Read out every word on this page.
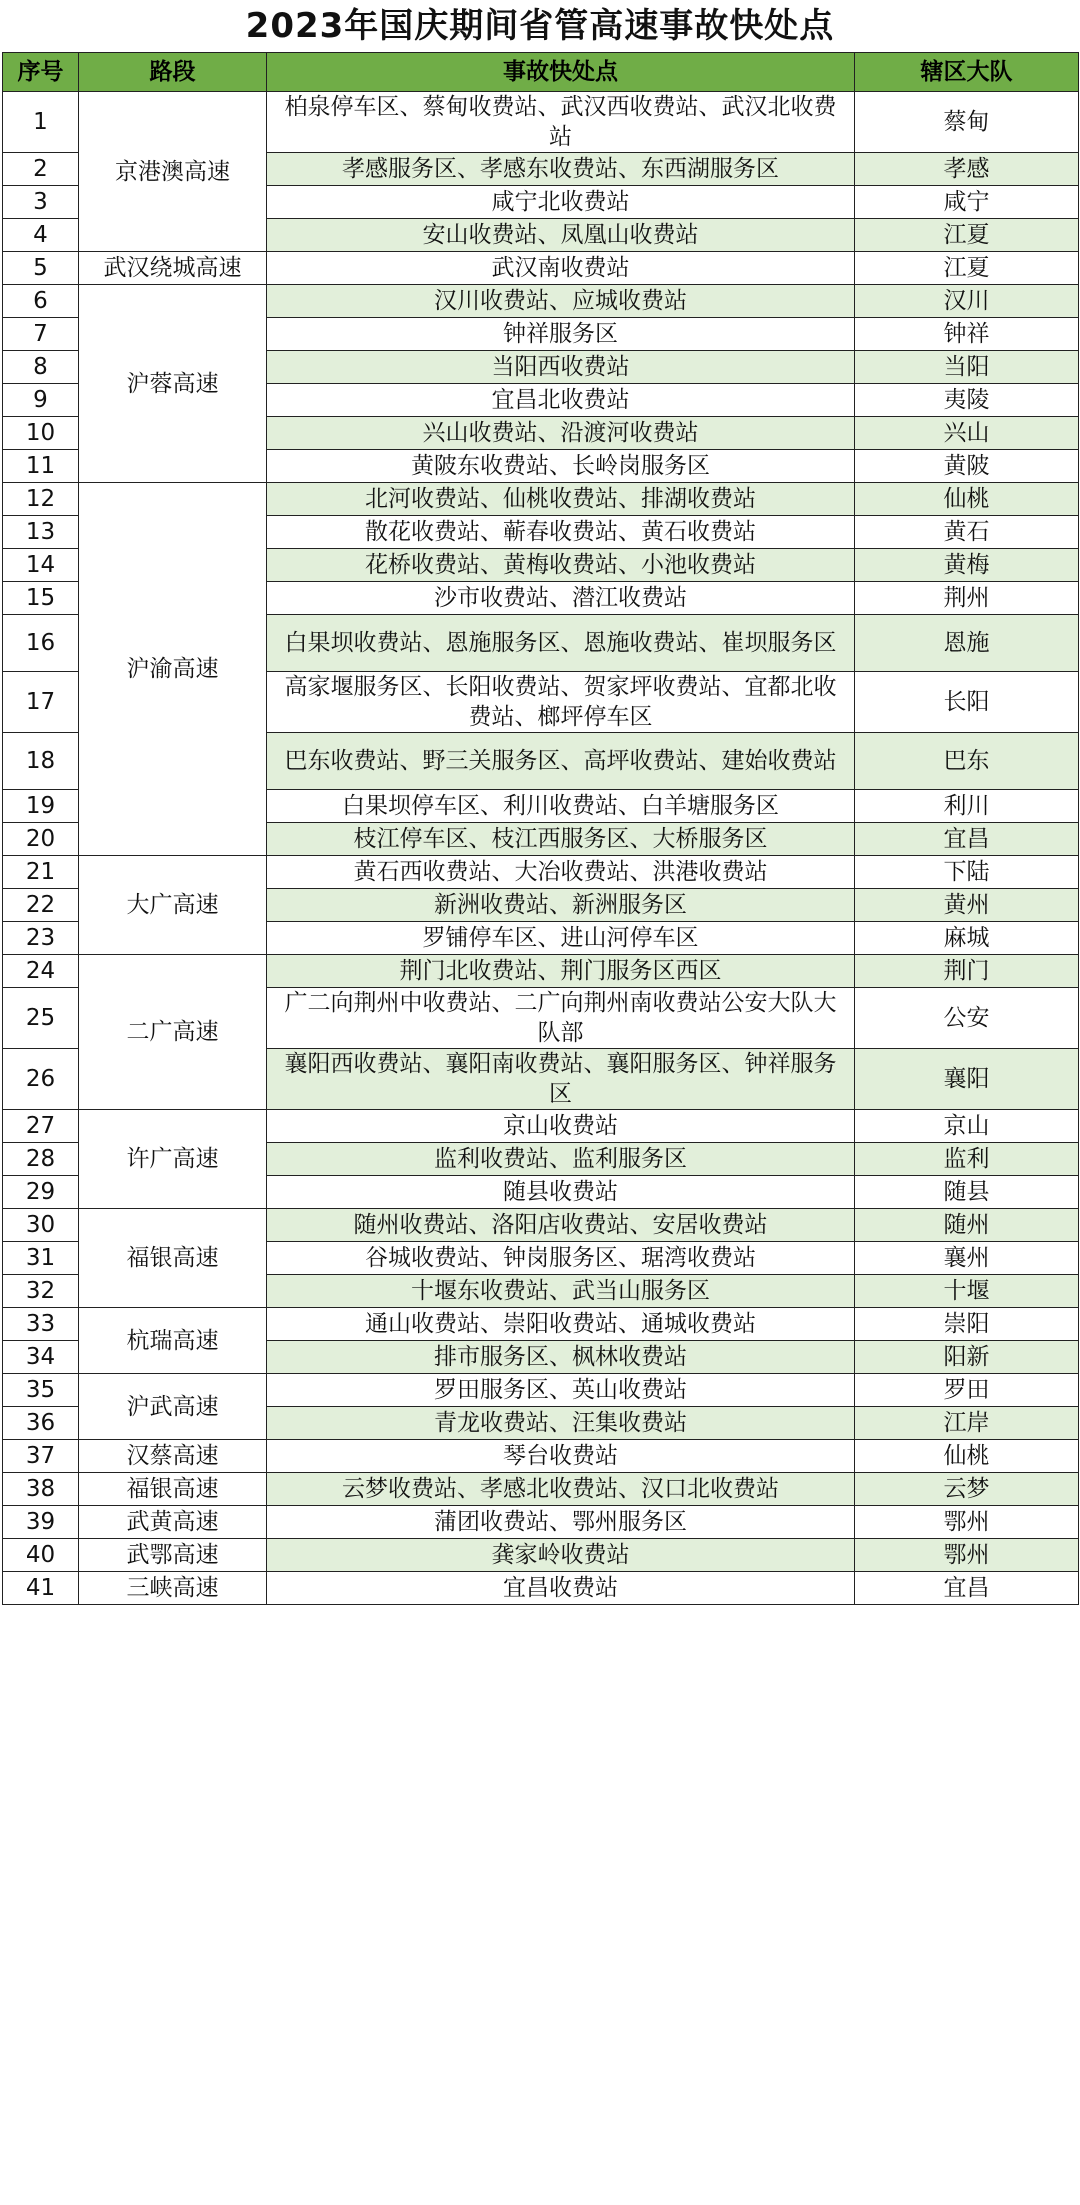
2023年国庆期间省管高速事故快处点
序号	路段	事故快处点	辖区大队
1	京港澳高速	柏泉停车区、蔡甸收费站、武汉西收费站、武汉北收费站	蔡甸
2		孝感服务区、孝感东收费站、东西湖服务区	孝感
3		咸宁北收费站	咸宁
4		安山收费站、凤凰山收费站	江夏
5	武汉绕城高速	武汉南收费站	江夏
6	沪蓉高速	汉川收费站、应城收费站	汉川
7		钟祥服务区	钟祥
8		当阳西收费站	当阳
9		宜昌北收费站	夷陵
10		兴山收费站、沿渡河收费站	兴山
11		黄陂东收费站、长岭岗服务区	黄陂
12	沪渝高速	北河收费站、仙桃收费站、排湖收费站	仙桃
13		散花收费站、蕲春收费站、黄石收费站	黄石
14		花桥收费站、黄梅收费站、小池收费站	黄梅
15		沙市收费站、潜江收费站	荆州
16		白果坝收费站、恩施服务区、恩施收费站、崔坝服务区	恩施
17		高家堰服务区、长阳收费站、贺家坪收费站、宜都北收费站、榔坪停车区	长阳
18		巴东收费站、野三关服务区、高坪收费站、建始收费站	巴东
19		白果坝停车区、利川收费站、白羊塘服务区	利川
20		枝江停车区、枝江西服务区、大桥服务区	宜昌
21	大广高速	黄石西收费站、大冶收费站、洪港收费站	下陆
22		新洲收费站、新洲服务区	黄州
23		罗铺停车区、进山河停车区	麻城
24	二广高速	荆门北收费站、荆门服务区西区	荆门
25		广二向荆州中收费站、二广向荆州南收费站公安大队大队部	公安
26		襄阳西收费站、襄阳南收费站、襄阳服务区、钟祥服务区	襄阳
27	许广高速	京山收费站	京山
28		监利收费站、监利服务区	监利
29		随县收费站	随县
30	福银高速	随州收费站、洛阳店收费站、安居收费站	随州
31		谷城收费站、钟岗服务区、琚湾收费站	襄州
32		十堰东收费站、武当山服务区	十堰
33	杭瑞高速	通山收费站、崇阳收费站、通城收费站	崇阳
34		排市服务区、枫林收费站	阳新
35	沪武高速	罗田服务区、英山收费站	罗田
36		青龙收费站、汪集收费站	江岸
37	汉蔡高速	琴台收费站	仙桃
38	福银高速	云梦收费站、孝感北收费站、汉口北收费站	云梦
39	武黄高速	蒲团收费站、鄂州服务区	鄂州
40	武鄂高速	龚家岭收费站	鄂州
41	三峡高速	宜昌收费站	宜昌
